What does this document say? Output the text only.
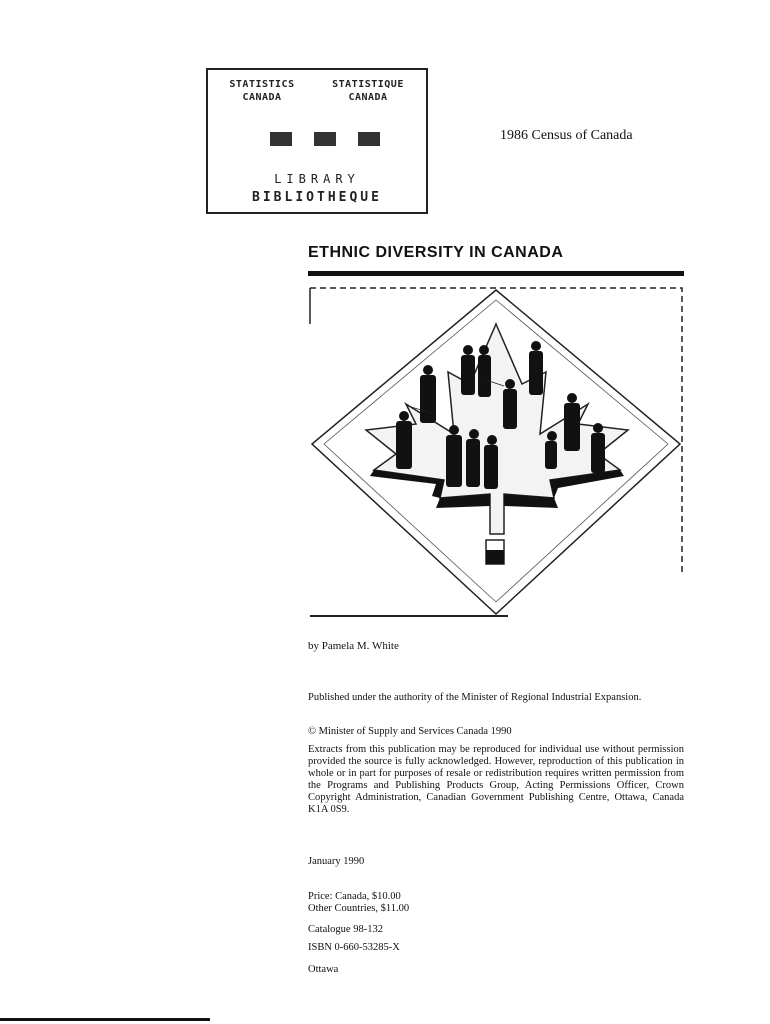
STATISTICS
CANADA
STATISTIQUE
CANADA
LIBRARY
BIBLIOTHEQUE
1986 Census of Canada
ETHNIC DIVERSITY IN CANADA
by Pamela M. White
Published under the authority of the Minister of Regional Industrial Expansion.
© Minister of Supply and Services Canada 1990
Extracts from this publication may be reproduced for individual use without permission provided the source is fully acknowledged. However, reproduction of this publication in whole or in part for purposes of resale or redistribution requires written permission from the Programs and Publishing Products Group, Acting Permissions Officer, Crown Copyright Administration, Canadian Government Publishing Centre, Ottawa, Canada K1A 0S9.
January 1990
Price: Canada, $10.00
Other Countries, $11.00
Catalogue 98-132
ISBN 0-660-53285-X
Ottawa
